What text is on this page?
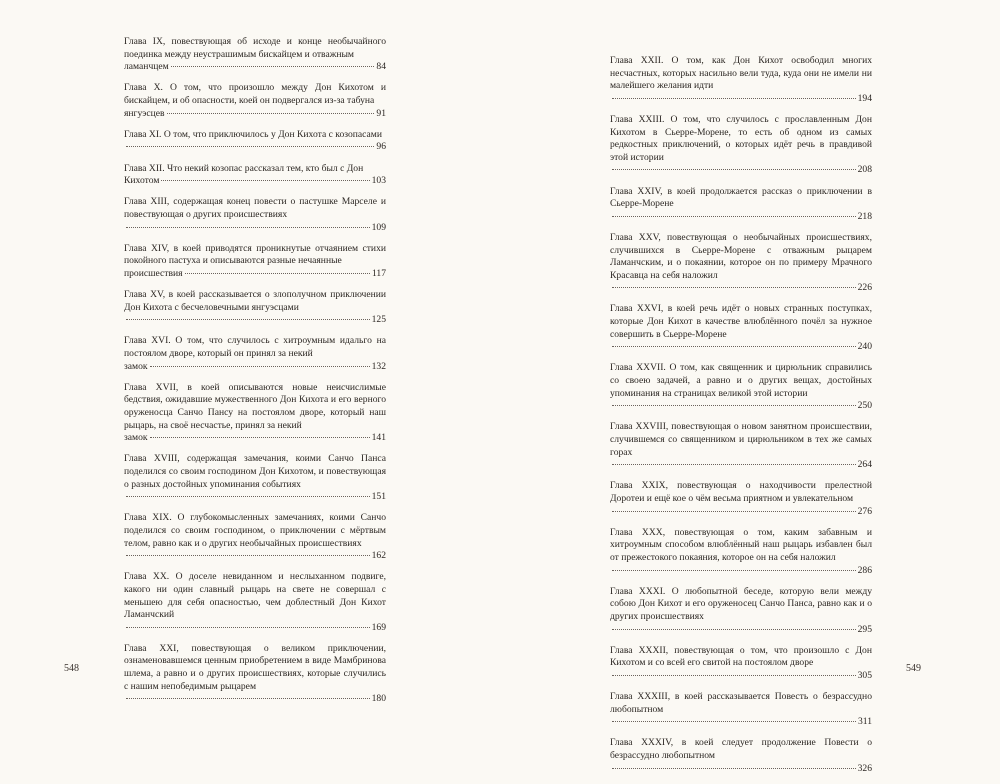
Глава IX, повествующая об исходе и конце необычайного поединка между неустрашимым бискайцем и отважным
ламанчцем	84
Глава X. О том, что произошло между Дон Кихотом и бискайцем, и об опасности, коей он подвергался из-за табуна
янгуэсцев	91
Глава XI. О том, что приключилось у Дон Кихота с козопасами
96
Глава XII. Что некий козопас рассказал тем, кто был с Дон
Кихотом	103
Глава XIII, содержащая конец повести о пастушке Марселе и повествующая о других происшествиях
109
Глава XIV, в коей приводятся проникнутые отчаянием стихи покойного пастуха и описываются разные нечаянные
происшествия	117
Глава XV, в коей рассказывается о злополучном приключении Дон Кихота с бесчеловечными янгуэсцами
125
Глава XVI. О том, что случилось с хитроумным идальго на постоялом дворе, который он принял за некий
замок	132
Глава XVII, в коей описываются новые неисчислимые бедствия, ожидавшие мужественного Дон Кихота и его верного оруженосца Санчо Пансу на постоялом дворе, который наш рыцарь, на своё несчастье, принял за некий
замок	141
Глава XVIII, содержащая замечания, коими Санчо Панса поделился со своим господином Дон Кихотом, и повествующая о разных достойных упоминания событиях
151
Глава XIX. О глубокомысленных замечаниях, коими Санчо поделился со своим господином, о приключении с мёртвым телом, равно как и о других необычайных происшествиях
162
Глава XX. О доселе невиданном и неслыханном подвиге, какого ни один славный рыцарь на свете не совершал с меньшею для себя опасностью, чем доблестный Дон Кихот Ламанчский
169
Глава XXI, повествующая о великом приключении, ознаменовавшемся ценным приобретением в виде Мамбринова шлема, а равно и о других происшествиях, которые случились с нашим непобедимым рыцарем
180
Глава XXII. О том, как Дон Кихот освободил многих несчастных, которых насильно вели туда, куда они не имели ни малейшего желания идти
194
Глава XXIII. О том, что случилось с прославленным Дон Кихотом в Сьерре-Морене, то есть об одном из самых редкостных приключений, о которых идёт речь в правдивой этой истории
208
Глава XXIV, в коей продолжается рассказ о приключении в Сьерре-Морене
218
Глава XXV, повествующая о необычайных происшествиях, случившихся в Сьерре-Морене с отважным рыцарем Ламанчским, и о покаянии, которое он по примеру Мрачного Красавца на себя наложил
226
Глава XXVI, в коей речь идёт о новых странных поступках, которые Дон Кихот в качестве влюблённого почёл за нужное совершить в Сьерре-Морене
240
Глава XXVII. О том, как священник и цирюльник справились со своею задачей, а равно и о других вещах, достойных упоминания на страницах великой этой истории
250
Глава XXVIII, повествующая о новом занятном происшествии, случившемся со священником и цирюльником в тех же самых горах
264
Глава XXIX, повествующая о находчивости прелестной Доротеи и ещё кое о чём весьма приятном и увлекательном
276
Глава XXX, повествующая о том, каким забавным и хитроумным способом влюблённый наш рыцарь избавлен был от прежестокого покаяния, которое он на себя наложил
286
Глава XXXI. О любопытной беседе, которую вели между собою Дон Кихот и его оруженосец Санчо Панса, равно как и о других происшествиях
295
Глава XXXII, повествующая о том, что произошло с Дон Кихотом и со всей его свитой на постоялом дворе
305
Глава XXXIII, в коей рассказывается Повесть о безрассудно любопытном
311
Глава XXXIV, в коей следует продолжение Повести о безрассудно любопытном
326
548	549
